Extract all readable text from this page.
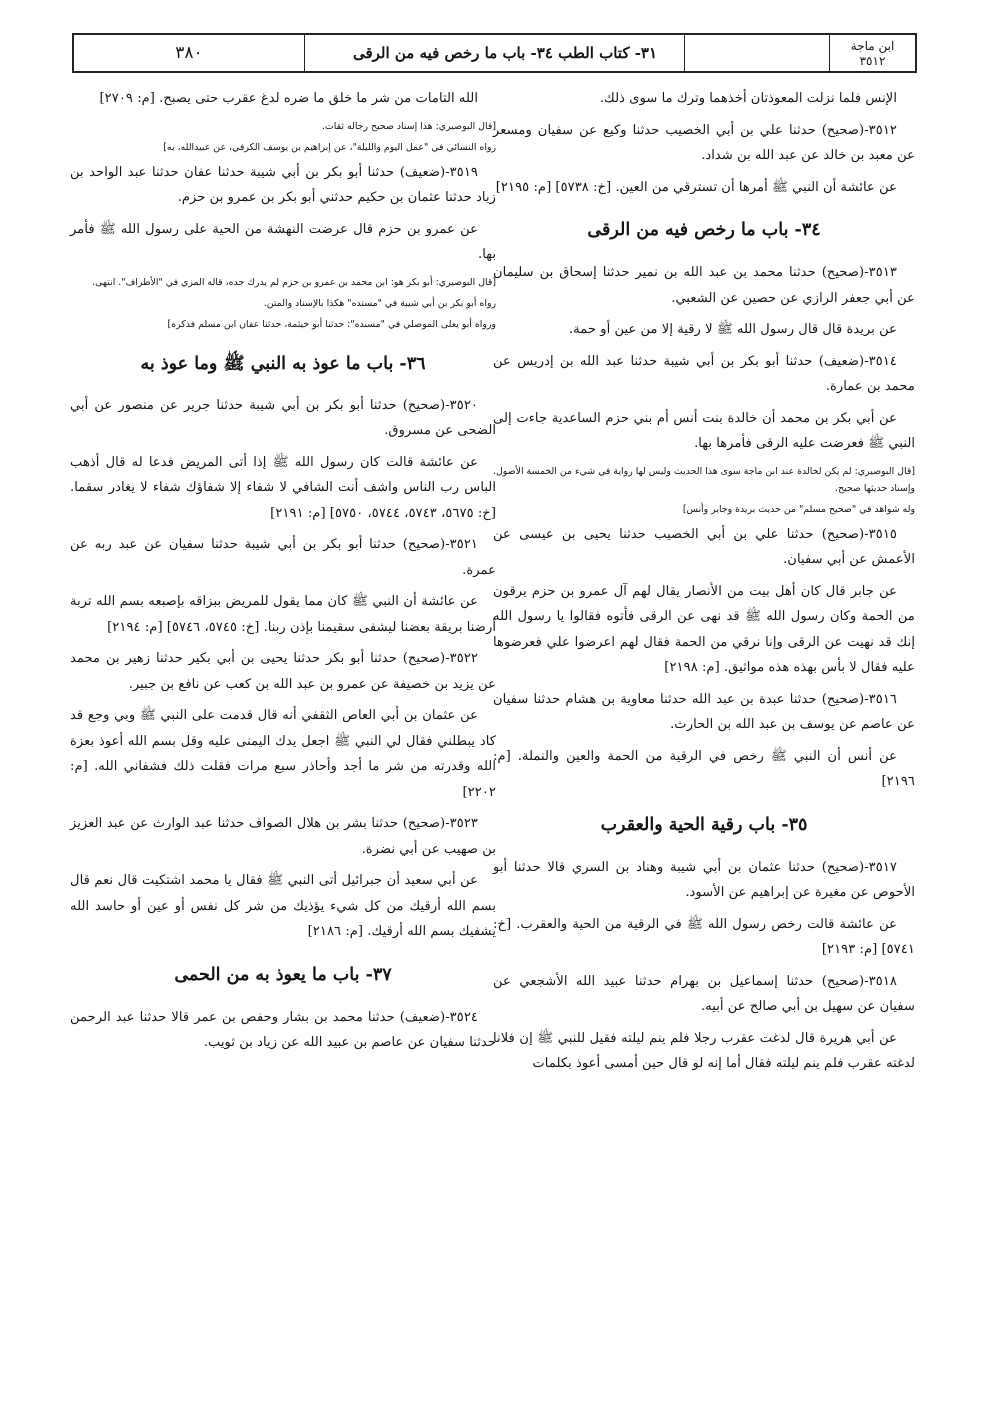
ابن ماجة
٣٥١٢
٣١- كتاب الطب ٣٤- باب ما رخص فيه من الرقى
٣٨٠
الإنس فلما نزلت المعوذتان أخذهما وترك ما سوى ذلك.
٣٥١٢-(صحيح) حدثنا علي بن أبي الخصيب حدثنا وكيع عن سفيان ومسعر عن معبد بن خالد عن عبد الله بن شداد.
عن عائشة أن النبي ﷺ أمرها أن تسترقي من العين. [خ: ٥٧٣٨] [م: ٢١٩٥]
٣٤- باب ما رخص فيه من الرقى
٣٥١٣-(صحيح) حدثنا محمد بن عبد الله بن نمير حدثنا إسحاق بن سليمان عن أبي جعفر الرازي عن حصين عن الشعبي.
عن بريدة قال قال رسول الله ﷺ لا رقية إلا من عين أو حمة.
٣٥١٤-(ضعيف) حدثنا أبو بكر بن أبي شيبة حدثنا عبد الله بن إدريس عن محمد بن عمارة.
عن أبي بكر بن محمد أن خالدة بنت أنس أم بني حزم الساعدية جاءت إلى النبي ﷺ فعرضت عليه الرقى فأمرها بها.
[قال البوصيري: لم يكن لخالدة عند ابن ماجة سوى هذا الحديث وليس لها رواية في شيء من الخمسة الأصول. وإسناد حديثها صحيح.
وله شواهد في "صحيح مسلم" من حديث بريدة وجابر وأنس]
٣٥١٥-(صحيح) حدثنا علي بن أبي الخصيب حدثنا يحيى بن عيسى عن الأعمش عن أبي سفيان.
عن جابر قال كان أهل بيت من الأنصار يقال لهم آل عمرو بن حزم يرقون من الحمة وكان رسول الله ﷺ قد نهى عن الرقى فأتوه فقالوا يا رسول الله إنك قد نهيت عن الرقى وإنا نرقي من الحمة فقال لهم اعرضوا علي فعرضوها عليه فقال لا بأس بهذه هذه مواثيق. [م: ٢١٩٨]
٣٥١٦-(صحيح) حدثنا عبدة بن عبد الله حدثنا معاوية بن هشام حدثنا سفيان عن عاصم عن يوسف بن عبد الله بن الحارث.
عن أنس أن النبي ﷺ رخص في الرقية من الحمة والعين والنملة. [م: ٢١٩٦]
٣٥- باب رقية الحية والعقرب
٣٥١٧-(صحيح) حدثنا عثمان بن أبي شيبة وهناد بن السري قالا حدثنا أبو الأحوص عن مغيرة عن إبراهيم عن الأسود.
عن عائشة قالت رخص رسول الله ﷺ في الرقية من الحية والعقرب. [خ: ٥٧٤١] [م: ٢١٩٣]
٣٥١٨-(صحيح) حدثنا إسماعيل بن بهرام حدثنا عبيد الله الأشجعي عن سفيان عن سهيل بن أبي صالح عن أبيه.
عن أبي هريرة قال لدغت عقرب رجلا فلم ينم ليلته فقيل للنبي ﷺ إن فلانا لدغته عقرب فلم ينم ليلته فقال أما إنه لو قال حين أمسى أعوذ بكلمات
الله التامات من شر ما خلق ما ضره لدغ عقرب حتى يصبح. [م: ٢٧٠٩]
[قال البوصيري: هذا إسناد صحيح رجاله ثقات.
رواه النسائي في "عمل اليوم والليلة"، عن إبراهيم بن يوسف الكرفي، عن عبيدالله، به]
٣٥١٩-(ضعيف) حدثنا أبو بكر بن أبي شيبة حدثنا عفان حدثنا عبد الواحد بن زياد حدثنا عثمان بن حكيم حدثني أبو بكر بن عمرو بن حزم.
عن عمرو بن حزم قال عرضت النهشة من الحية على رسول الله ﷺ فأمر بها.
[قال البوصيري: أبو بكر هو: ابن محمد بن عمرو بن حزم لم يدرك جده، قاله المزي في "الأطراف". انتهى.
رواه أبو بكر بن أبي شيبة في "مسنده" هكذا بالإسناد والمتن.
ورواه أبو يعلى الموصلي في "مسنده": حدثنا أبو خيثمة، حدثنا عفان ابن مسلم فذكره]
٣٦- باب ما عوذ به النبي ﷺ وما عوذ به
٣٥٢٠-(صحيح) حدثنا أبو بكر بن أبي شيبة حدثنا جرير عن منصور عن أبي الضحى عن مسروق.
عن عائشة قالت كان رسول الله ﷺ إذا أتى المريض فدعا له قال أذهب الباس رب الناس واشف أنت الشافي لا شفاء إلا شفاؤك شفاء لا يغادر سقما. [خ: ٥٦٧٥، ٥٧٤٣، ٥٧٤٤، ٥٧٥٠] [م: ٢١٩١]
٣٥٢١-(صحيح) حدثنا أبو بكر بن أبي شيبة حدثنا سفيان عن عبد ربه عن عمرة.
عن عائشة أن النبي ﷺ كان مما يقول للمريض ببزاقه بإصبعه بسم الله تربة أرضنا بريقة بعضنا ليشفى سقيمنا بإذن ربنا. [خ: ٥٧٤٥، ٥٧٤٦] [م: ٢١٩٤]
٣٥٢٢-(صحيح) حدثنا أبو بكر حدثنا يحيى بن أبي بكير حدثنا زهير بن محمد عن يزيد بن خصيفة عن عمرو بن عبد الله بن كعب عن نافع بن جبير.
عن عثمان بن أبي العاص الثقفي أنه قال قدمت على النبي ﷺ وبي وجع قد كاد يبطلني فقال لي النبي ﷺ اجعل يدك اليمنى عليه وقل بسم الله أعوذ بعزة الله وقدرته من شر ما أجد وأحاذر سبع مرات فقلت ذلك فشفاني الله. [م: ٢٢٠٢]
٣٥٢٣-(صحيح) حدثنا بشر بن هلال الصواف حدثنا عبد الوارث عن عبد العزيز بن صهيب عن أبي نضرة.
عن أبي سعيد أن جبرائيل أتى النبي ﷺ فقال يا محمد اشتكيت قال نعم قال بسم الله أرقيك من كل شيء يؤذيك من شر كل نفس أو عين أو حاسد الله يشفيك بسم الله أرقيك. [م: ٢١٨٦]
٣٧- باب ما يعوذ به من الحمى
٣٥٢٤-(ضعيف) حدثنا محمد بن بشار وحفص بن عمر قالا حدثنا عبد الرحمن حدثنا سفيان عن عاصم بن عبيد الله عن زياد بن ثويب.
